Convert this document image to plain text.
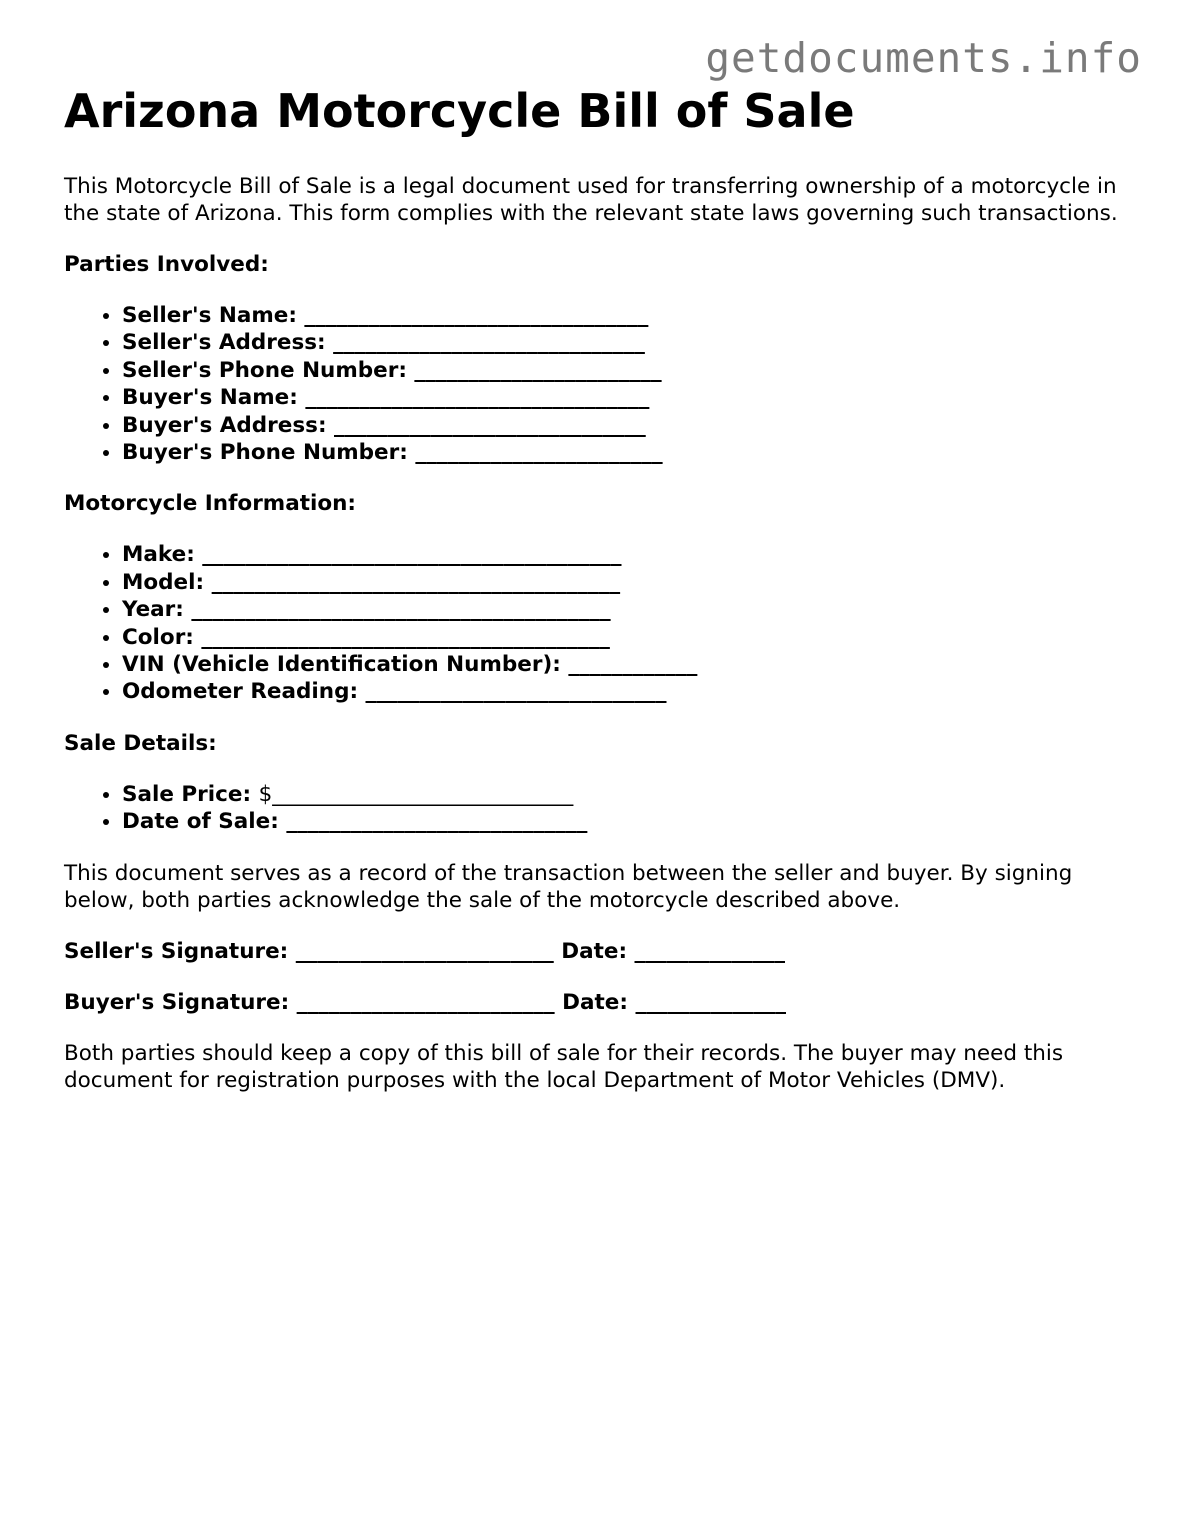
getdocuments.info
Arizona Motorcycle Bill of Sale

This Motorcycle Bill of Sale is a legal document used for transferring ownership of a motorcycle in the state of Arizona. This form complies with the relevant state laws governing such transactions.

Parties Involved:
• Seller's Name: ________________________________
• Seller's Address: _____________________________
• Seller's Phone Number: _______________________
• Buyer's Name: ________________________________
• Buyer's Address: _____________________________
• Buyer's Phone Number: _______________________
Motorcycle Information:
• Make: _______________________________________
• Model: ______________________________________
• Year: _______________________________________
• Color: ______________________________________
• VIN (Vehicle Identification Number): ____________
• Odometer Reading: ____________________________
Sale Details:
• Sale Price: $____________________________
• Date of Sale: ____________________________

This document serves as a record of the transaction between the seller and buyer. By signing below, both parties acknowledge the sale of the motorcycle described above.

Seller's Signature: ________________________ Date: ______________
Buyer's Signature: ________________________ Date: ______________

Both parties should keep a copy of this bill of sale for their records. The buyer may need this document for registration purposes with the local Department of Motor Vehicles (DMV).
